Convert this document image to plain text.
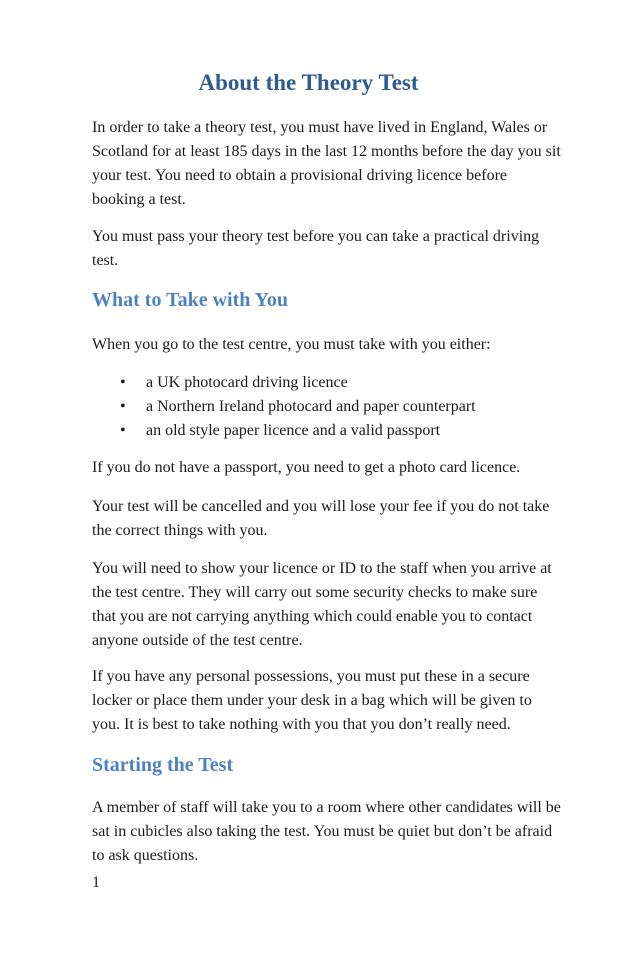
About the Theory Test
In order to take a theory test, you must have lived in England, Wales or
Scotland for at least 185 days in the last 12 months before the day you sit
your test. You need to obtain a provisional driving licence before
booking a test.
You must pass your theory test before you can take a practical driving
test.
What to Take with You
When you go to the test centre, you must take with you either:
•	a UK photocard driving licence
•	a Northern Ireland photocard and paper counterpart
•	an old style paper licence and a valid passport
If you do not have a passport, you need to get a photo card licence.
Your test will be cancelled and you will lose your fee if you do not take
the correct things with you.
You will need to show your licence or ID to the staff when you arrive at
the test centre. They will carry out some security checks to make sure
that you are not carrying anything which could enable you to contact
anyone outside of the test centre.
If you have any personal possessions, you must put these in a secure
locker or place them under your desk in a bag which will be given to
you. It is best to take nothing with you that you don’t really need.
Starting the Test
A member of staff will take you to a room where other candidates will be
sat in cubicles also taking the test. You must be quiet but don’t be afraid
to ask questions.
1
